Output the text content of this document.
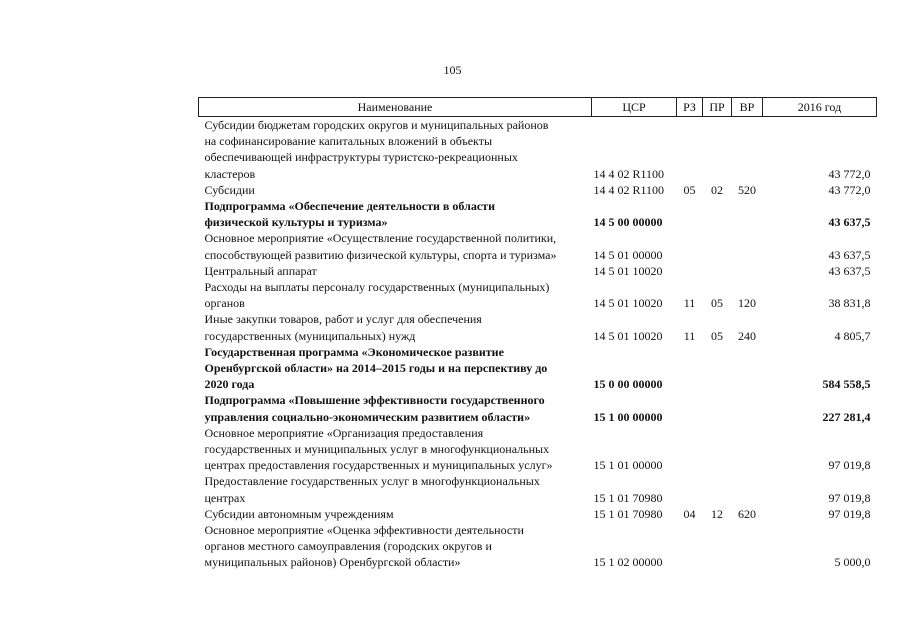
105
Наименование	ЦСР	РЗ	ПР	ВР	2016 год

Субсидии бюджетам городских округов и муниципальных районов
на софинансирование капитальных вложений в объекты
обеспечивающей инфраструктуры туристско-рекреационных
кластеров	14 4 02 R1100				43 772,0

Субсидии	14 4 02 R1100	05	02	520	43 772,0

Подпрограмма «Обеспечение деятельности в области
физической культуры и туризма»	14 5 00 00000				43 637,5

Основное мероприятие «Осуществление государственной политики,
способствующей развитию физической культуры, спорта и туризма»	14 5 01 00000				43 637,5

Центральный аппарат	14 5 01 10020				43 637,5

Расходы на выплаты персоналу государственных (муниципальных)
органов	14 5 01 10020	11	05	120	38 831,8

Иные закупки товаров, работ и услуг для обеспечения
государственных (муниципальных) нужд	14 5 01 10020	11	05	240	4 805,7

Государственная программа «Экономическое развитие
Оренбургской области» на 2014–2015 годы и на перспективу до
2020 года	15 0 00 00000				584 558,5

Подпрограмма «Повышение эффективности государственного
управления социально-экономическим развитием области»	15 1 00 00000				227 281,4

Основное мероприятие «Организация предоставления
государственных и муниципальных услуг в многофункциональных
центрах предоставления государственных и муниципальных услуг»	15 1 01 00000				97 019,8

Предоставление государственных услуг в многофункциональных
центрах	15 1 01 70980				97 019,8

Субсидии автономным учреждениям	15 1 01 70980	04	12	620	97 019,8

Основное мероприятие «Оценка эффективности деятельности
органов местного самоуправления (городских округов и
муниципальных районов) Оренбургской области»	15 1 02 00000				5 000,0
